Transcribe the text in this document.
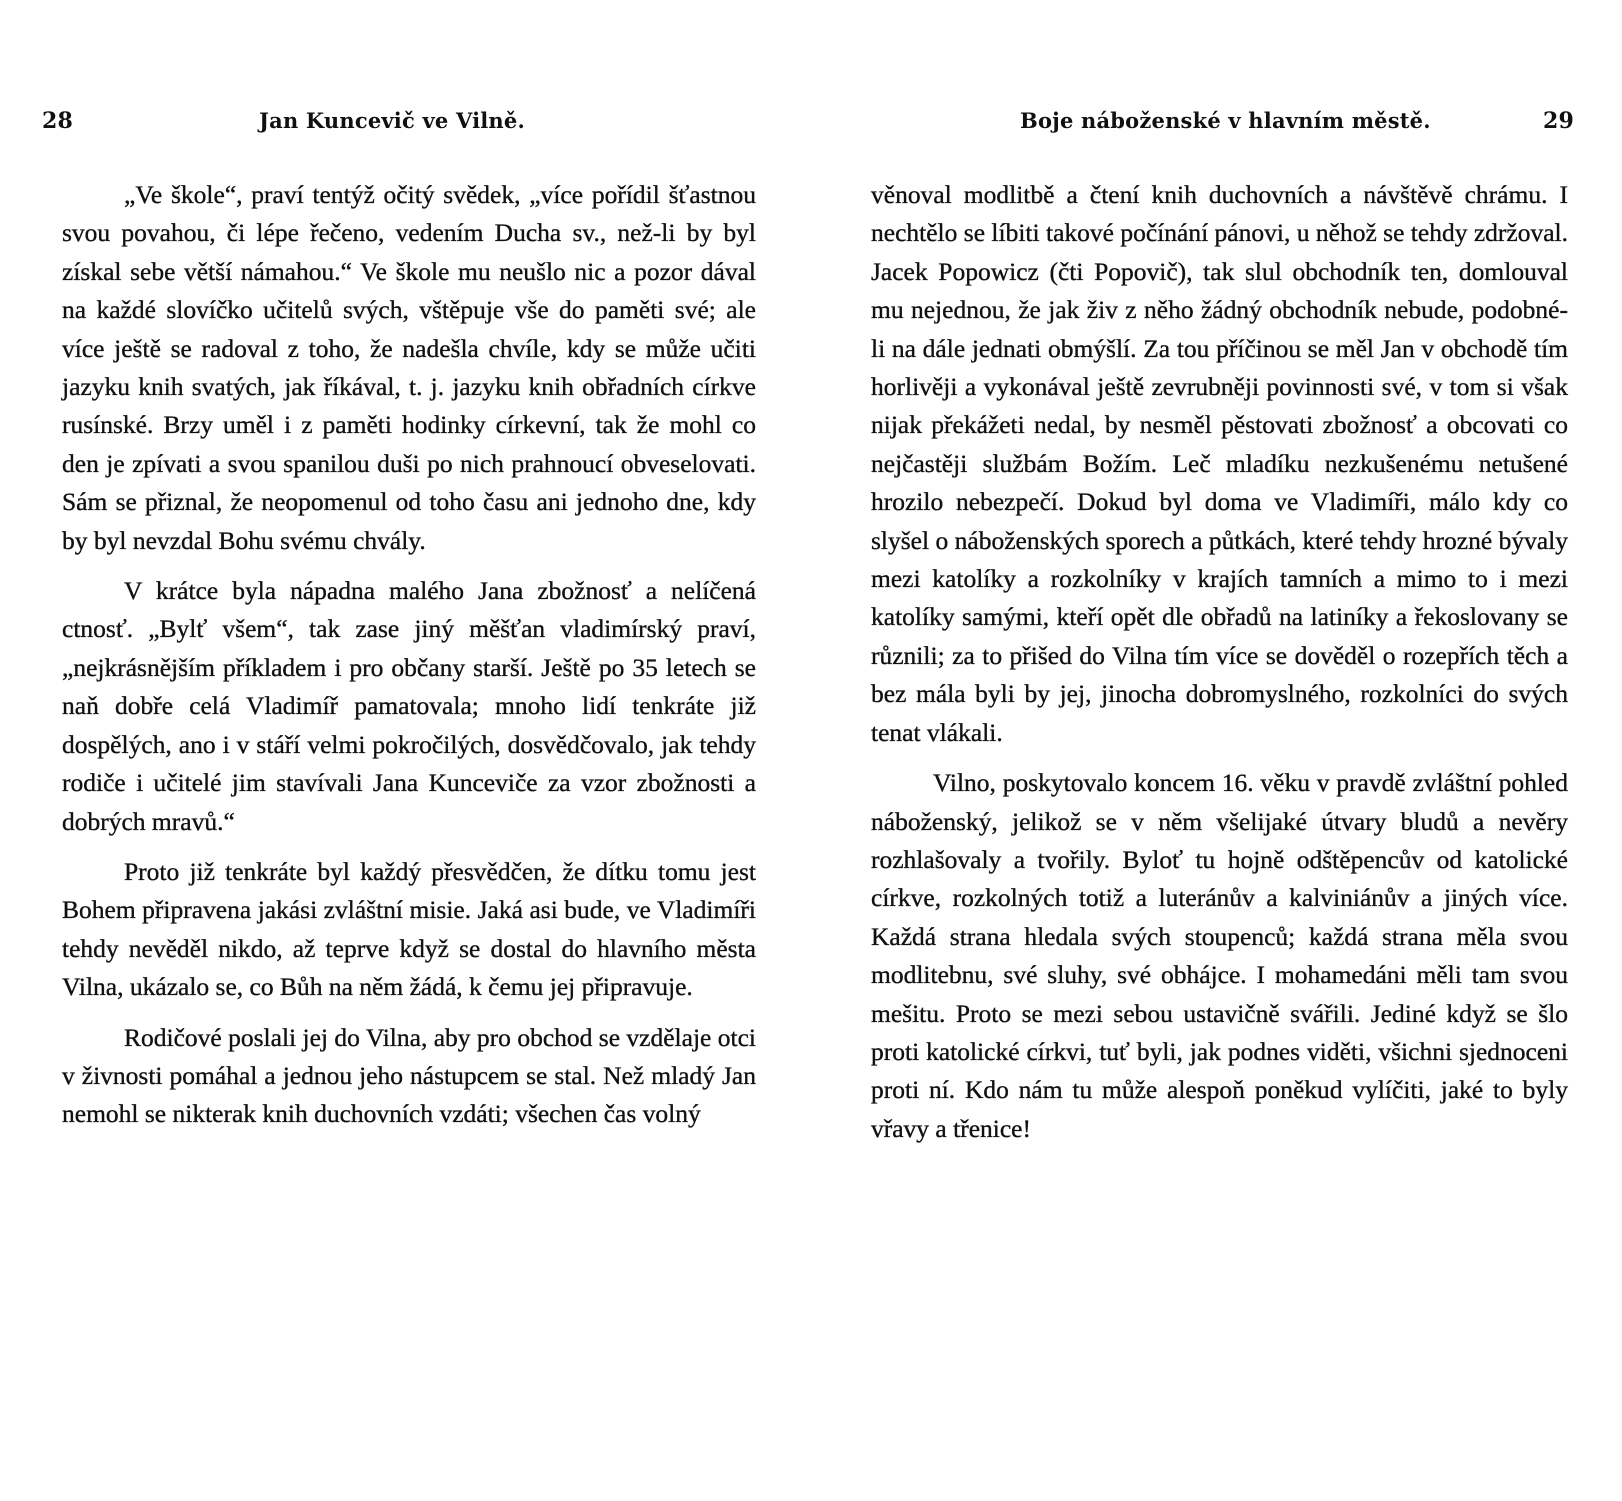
28	Jan Kuncevič ve Vilně.

„Ve škole“, praví tentýž očitý svědek, „více pořídil šťastnou svou povahou, či lépe řečeno, vedením Ducha sv., než-li by byl získal sebe větší námahou.“ Ve škole mu neušlo nic a pozor dával na každé slovíčko učitelů svých, vštěpuje vše do paměti své; ale více ještě se radoval z toho, že nadešla chvíle, kdy se může učiti jazyku knih svatých, jak říkával, t. j. jazyku knih obřadních církve rusínské. Brzy uměl i z paměti hodinky církevní, tak že mohl co den je zpívati a svou spanilou duši po nich prahnoucí obveselovati. Sám se přiznal, že neopomenul od toho času ani jednoho dne, kdy by byl nevzdal Bohu svému chvály.

V krátce byla nápadna malého Jana zbožnosť a nelíčená ctnosť. „Bylť všem“, tak zase jiný měšťan vladimírský praví, „nejkrásnějším příkladem i pro občany starší. Ještě po 35 letech se naň dobře celá Vladimíř pamatovala; mnoho lidí tenkráte již dospělých, ano i v stáří velmi pokročilých, dosvědčovalo, jak tehdy rodiče i učitelé jim stavívali Jana Kunceviče za vzor zbožnosti a dobrých mravů.“

Proto již tenkráte byl každý přesvědčen, že dítku tomu jest Bohem připravena jakási zvláštní misie. Jaká asi bude, ve Vladimíři tehdy nevěděl nikdo, až teprve když se dostal do hlavního města Vilna, ukázalo se, co Bůh na něm žádá, k čemu jej připravuje.

Rodičové poslali jej do Vilna, aby pro obchod se vzdělaje otci v živnosti pomáhal a jednou jeho nástupcem se stal. Než mladý Jan nemohl se nikterak knih duchovních vzdáti; všechen čas volný

Boje náboženské v hlavním městě.	29

věnoval modlitbě a čtení knih duchovních a návštěvě chrámu. I nechtělo se líbiti takové počínání pánovi, u něhož se tehdy zdržoval. Jacek Popowicz (čti Popovič), tak slul obchodník ten, domlouval mu nejednou, že jak živ z něho žádný obchodník nebude, podobné-li na dále jednati obmýšlí. Za tou příčinou se měl Jan v obchodě tím horlivěji a vykonával ještě zevrubněji povinnosti své, v tom si však nijak překážeti nedal, by nesměl pěstovati zbožnosť a obcovati co nejčastěji službám Božím. Leč mladíku nezkušenému netušené hrozilo nebezpečí. Dokud byl doma ve Vladimíři, málo kdy co slyšel o náboženských sporech a půtkách, které tehdy hrozné bývaly mezi katolíky a rozkolníky v krajích tamních a mimo to i mezi katolíky samými, kteří opět dle obřadů na latiníky a řekoslovany se různili; za to přišed do Vilna tím více se dověděl o rozepřích těch a bez mála byli by jej, jinocha dobromyslného, rozkolníci do svých tenat vlákali.

Vilno, poskytovalo koncem 16. věku v pravdě zvláštní pohled náboženský, jelikož se v něm všelijaké útvary bludů a nevěry rozhlašovaly a tvořily. Byloť tu hojně odštěpencův od katolické církve, rozkolných totiž a luteránův a kalviniánův a jiných více. Každá strana hledala svých stoupenců; každá strana měla svou modlitebnu, své sluhy, své obhájce. I mohamedáni měli tam svou mešitu. Proto se mezi sebou ustavičně svářili. Jediné když se šlo proti katolické církvi, tuť byli, jak podnes viděti, všichni sjednoceni proti ní. Kdo nám tu může alespoň poněkud vylíčiti, jaké to byly vřavy a třenice!
